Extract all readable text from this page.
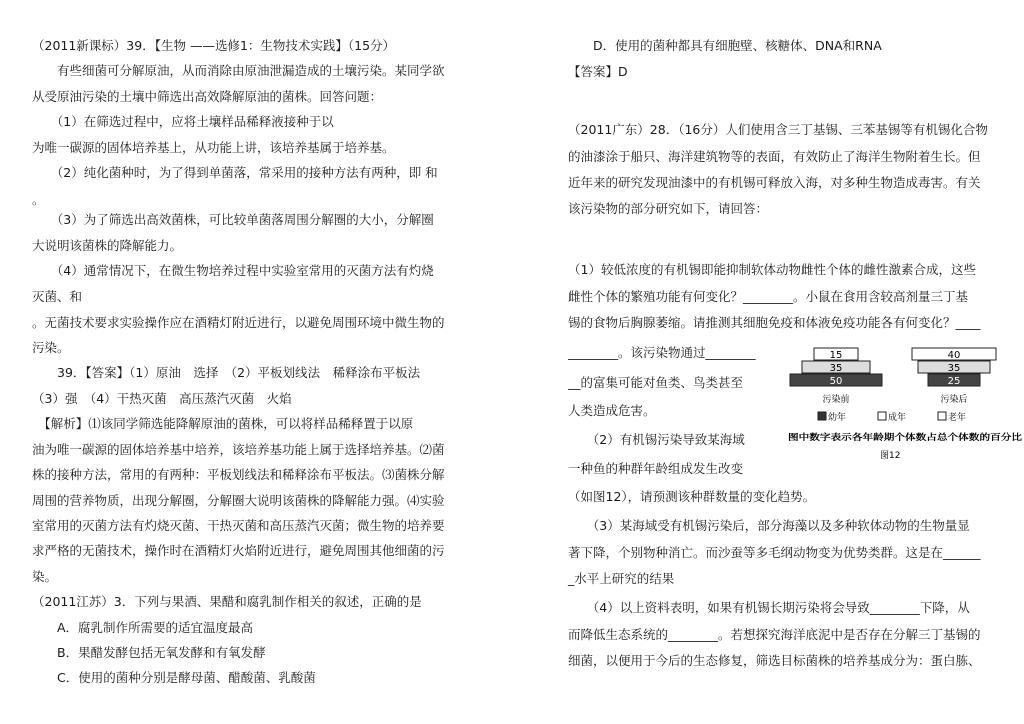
（2011新课标）39．【生物 ——选修1：生物技术实践】（15分）
　　有些细菌可分解原油，从而消除由原油泄漏造成的土壤污染。某同学欲
从受原油污染的土壤中筛选出高效降解原油的菌株。回答问题：
　　（1）在筛选过程中，应将土壤样品稀释液接种于以
为唯一碳源的固体培养基上，从功能上讲，该培养基属于培养基。
　　（2）纯化菌种时，为了得到单菌落，常采用的接种方法有两种，即 和
。
　　（3）为了筛选出高效菌株，可比较单菌落周围分解圈的大小，分解圈
大说明该菌株的降解能力。
　　（4）通常情况下，在微生物培养过程中实验室常用的灭菌方法有灼烧
灭菌、和
。无菌技术要求实验操作应在酒精灯附近进行，以避免周围环境中微生物的
污染。
　　39．【答案】（1）原油　选择　（2）平板划线法　稀释涂布平板法
（3）强　（4）干热灭菌　高压蒸汽灭菌　火焰
　【解析】⑴该同学筛选能降解原油的菌株，可以将样品稀释置于以原
油为唯一碳源的固体培养基中培养，该培养基功能上属于选择培养基。⑵菌
株的接种方法，常用的有两种：平板划线法和稀释涂布平板法。⑶菌株分解
周围的营养物质，出现分解圈，分解圈大说明该菌株的降解能力强。⑷实验
室常用的灭菌方法有灼烧灭菌、干热灭菌和高压蒸汽灭菌；微生物的培养要
求严格的无菌技术，操作时在酒精灯火焰附近进行，避免周围其他细菌的污
染。
（2011江苏）3．下列与果酒、果醋和腐乳制作相关的叙述，正确的是
　　A．腐乳制作所需要的适宜温度最高
　　B．果醋发酵包括无氧发酵和有氧发酵
　　C．使用的菌种分别是酵母菌、醋酸菌、乳酸菌
　　D．使用的菌种都具有细胞壁、核糖体、DNA和RNA
【答案】D
（2011广东）28．（16分）人们使用含三丁基锡、三苯基锡等有机锡化合物
的油漆涂于船只、海洋建筑物等的表面，有效防止了海洋生物附着生长。但
近年来的研究发现油漆中的有机锡可释放入海，对多种生物造成毒害。有关
该污染物的部分研究如下，请回答：
（1）较低浓度的有机锡即能抑制软体动物雌性个体的雌性激素合成，这些
雌性个体的繁殖功能有何变化？________。小鼠在食用含较高剂量三丁基
锡的食物后胸腺萎缩。请推测其细胞免疫和体液免疫功能各有何变化？____
________。该污染物通过________
__的富集可能对鱼类、鸟类甚至
人类造成危害。
　　（2）有机锡污染导致某海域
一种鱼的种群年龄组成发生改变
（如图12），请预测该种群数量的变化趋势。
　　（3）某海域受有机锡污染后，部分海藻以及多种软体动物的生物量显
著下降，个别物种消亡。而沙蚕等多毛纲动物变为优势类群。这是在______
_水平上研究的结果
　　（4）以上资料表明，如果有机锡长期污染将会导致________下降，从
而降低生态系统的________。若想探究海洋底泥中是否存在分解三丁基锡的
细菌，以便用于今后的生态修复，筛选目标菌株的培养基成分为：蛋白胨、
15
35
50
污染前
40
35
25
污染后
幼年	成年	老年
图中数字表示各年龄期个体数占总个体数的百分比
图12
